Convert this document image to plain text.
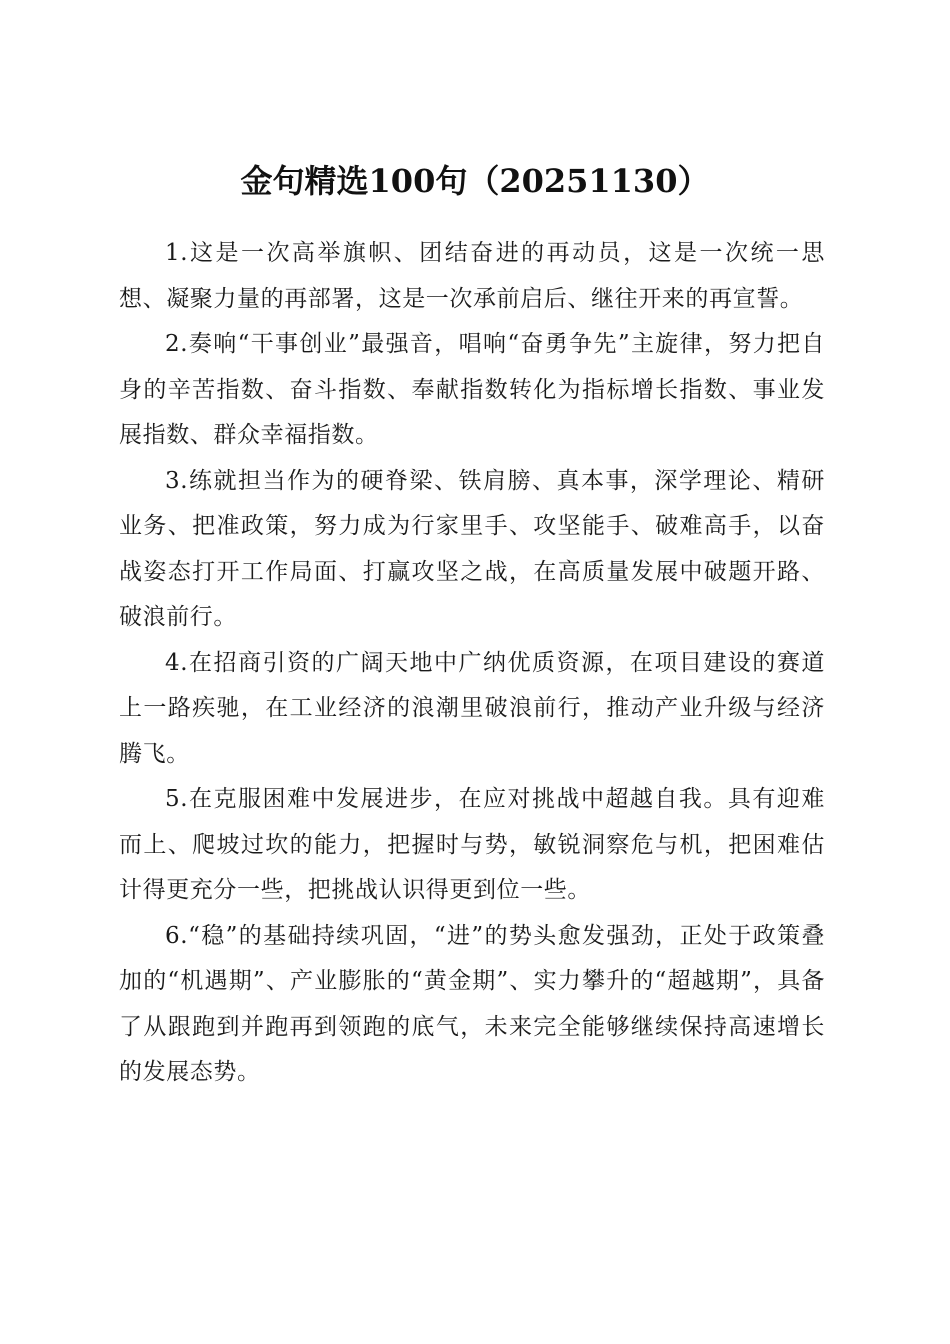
金句精选100句（20251130）

1.这是一次高举旗帜、团结奋进的再动员，这是一次统一思想、凝聚力量的再部署，这是一次承前启后、继往开来的再宣誓。

2.奏响“干事创业”最强音，唱响“奋勇争先”主旋律，努力把自身的辛苦指数、奋斗指数、奉献指数转化为指标增长指数、事业发展指数、群众幸福指数。

3.练就担当作为的硬脊梁、铁肩膀、真本事，深学理论、精研业务、把准政策，努力成为行家里手、攻坚能手、破难高手，以奋战姿态打开工作局面、打赢攻坚之战，在高质量发展中破题开路、破浪前行。

4.在招商引资的广阔天地中广纳优质资源，在项目建设的赛道上一路疾驰，在工业经济的浪潮里破浪前行，推动产业升级与经济腾飞。

5.在克服困难中发展进步，在应对挑战中超越自我。具有迎难而上、爬坡过坎的能力，把握时与势，敏锐洞察危与机，把困难估计得更充分一些，把挑战认识得更到位一些。

6.“稳”的基础持续巩固，“进”的势头愈发强劲，正处于政策叠加的“机遇期”、产业膨胀的“黄金期”、实力攀升的“超越期”，具备了从跟跑到并跑再到领跑的底气，未来完全能够继续保持高速增长的发展态势。
